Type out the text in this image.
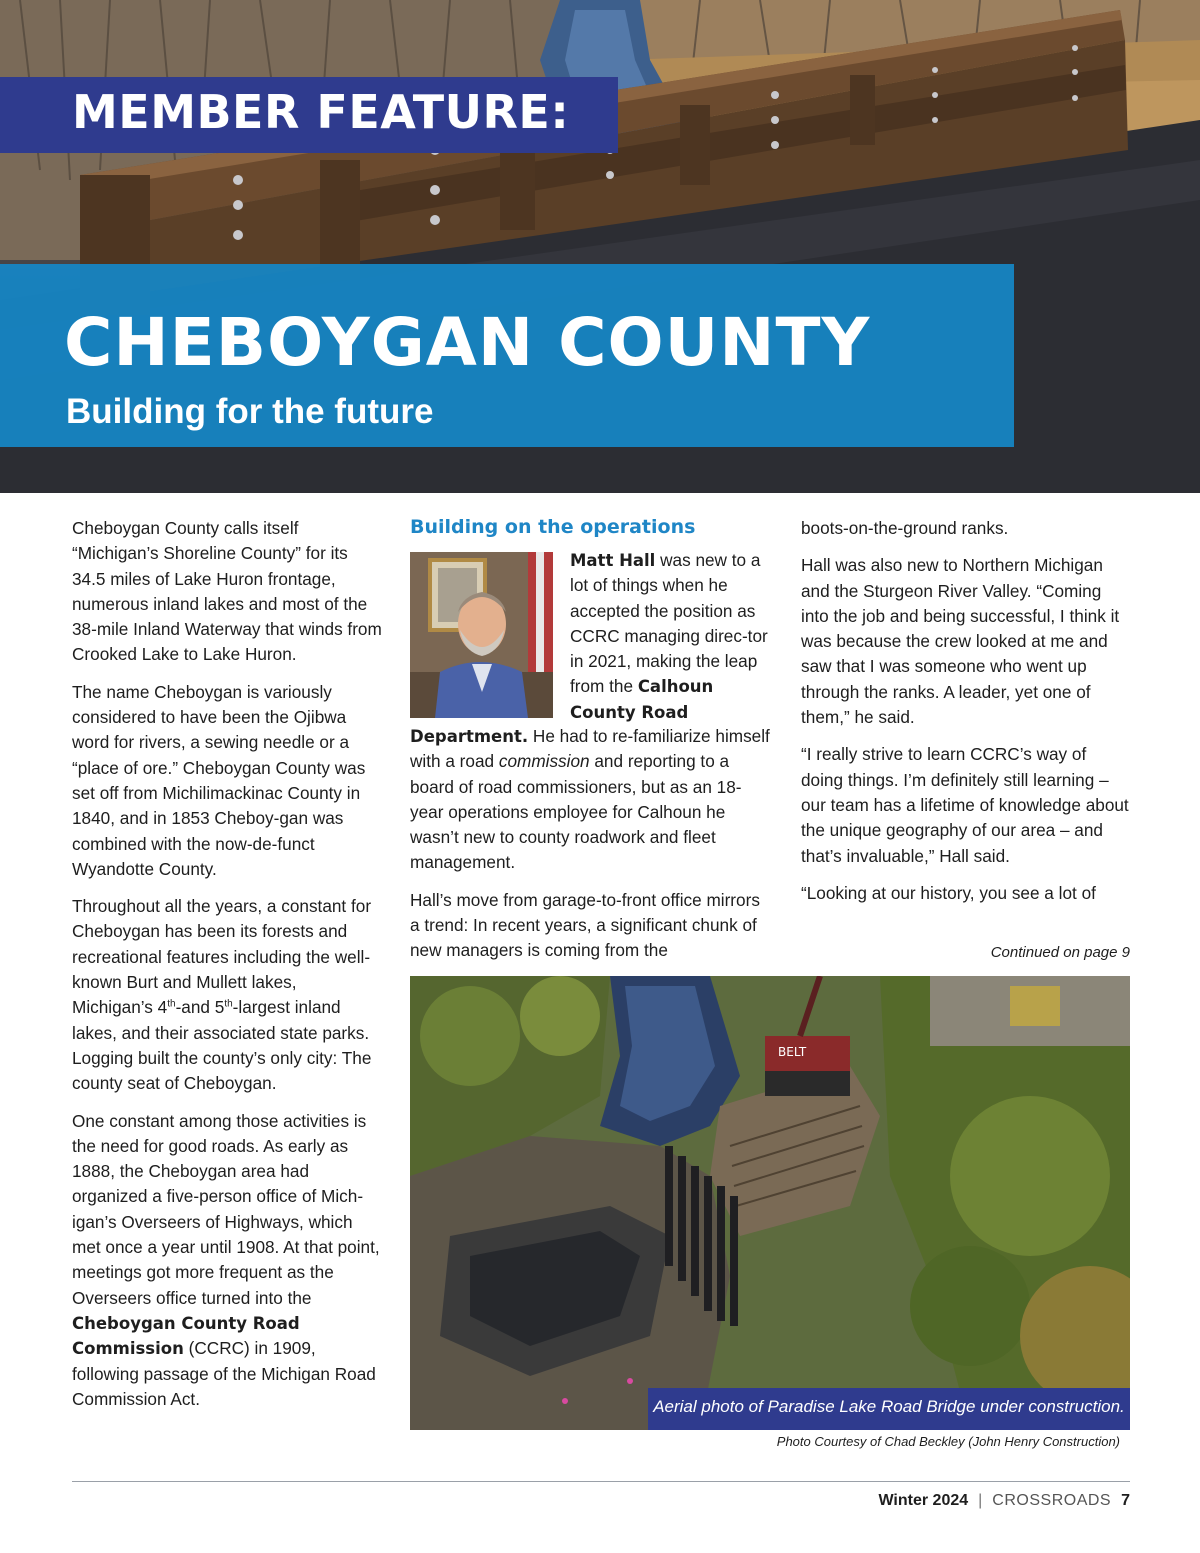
MEMBER FEATURE:
CHEBOYGAN COUNTY
Building for the future

Cheboygan County calls itself “Michigan’s Shoreline County” for its 34.5 miles of Lake Huron frontage, numerous inland lakes and most of the 38-mile Inland Waterway that winds from Crooked Lake to Lake Huron.

The name Cheboygan is variously considered to have been the Ojibwa word for rivers, a sewing needle or a “place of ore.” Cheboygan County was set off from Michilimackinac County in 1840, and in 1853 Cheboy-gan was combined with the now-de-funct Wyandotte County.

Throughout all the years, a constant for Cheboygan has been its forests and recreational features including the well-known Burt and Mullett lakes, Michigan’s 4th-and 5th-largest inland lakes, and their associated state parks. Logging built the county’s only city: The county seat of Cheboygan.

One constant among those activities is the need for good roads. As early as 1888, the Cheboygan area had organized a five-person office of Mich-igan’s Overseers of Highways, which met once a year until 1908. At that point, meetings got more frequent as the Overseers office turned into the Cheboygan County Road Commission (CCRC) in 1909, following passage of the Michigan Road Commission Act.

Building on the operations
Matt Hall was new to a lot of things when he accepted the position as CCRC managing direc-tor in 2021, making the leap from the Calhoun County Road

Department. He had to re-familiarize himself with a road commission and reporting to a board of road commissioners, but as an 18-year operations employee for Calhoun he wasn’t new to county roadwork and fleet management.

Hall’s move from garage-to-front office mirrors a trend: In recent years, a significant chunk of new managers is coming from the

boots-on-the-ground ranks.

Hall was also new to Northern Michigan and the Sturgeon River Valley. “Coming into the job and being successful, I think it was because the crew looked at me and saw that I was someone who went up through the ranks. A leader, yet one of them,” he said.

“I really strive to learn CCRC’s way of doing things. I’m definitely still learning – our team has a lifetime of knowledge about the unique geography of our area – and that’s invaluable,” Hall said.

“Looking at our history, you see a lot of

Continued on page 9
BELT
Aerial photo of Paradise Lake Road Bridge under construction.
Photo Courtesy of Chad Beckley (John Henry Construction)
Winter 2024 | CROSSROADS 7
